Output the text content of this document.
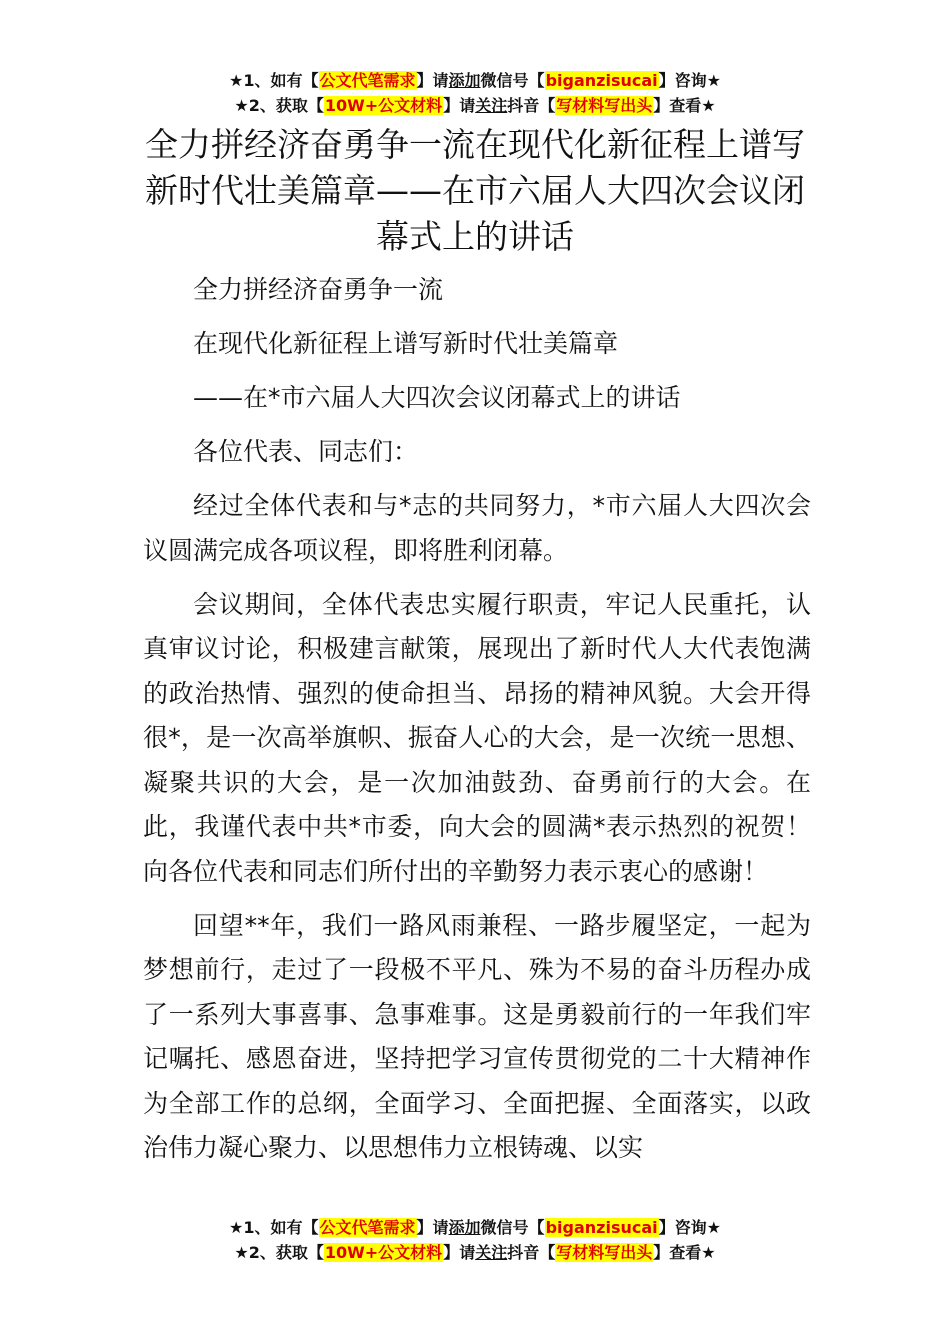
★1、如有【公文代笔需求】请添加微信号【biganzisucai】咨询★
★2、获取【10W+公文材料】请关注抖音【写材料写出头】查看★
全力拼经济奋勇争一流在现代化新征程上谱写新时代壮美篇章——在市六届人大四次会议闭幕式上的讲话

全力拼经济奋勇争一流

在现代化新征程上谱写新时代壮美篇章

——在*市六届人大四次会议闭幕式上的讲话

各位代表、同志们：

经过全体代表和与*志的共同努力，*市六届人大四次会议圆满完成各项议程，即将胜利闭幕。

会议期间，全体代表忠实履行职责，牢记人民重托，认真审议讨论，积极建言献策，展现出了新时代人大代表饱满的政治热情、强烈的使命担当、昂扬的精神风貌。大会开得很*，是一次高举旗帜、振奋人心的大会，是一次统一思想、凝聚共识的大会，是一次加油鼓劲、奋勇前行的大会。在此，我谨代表中共*市委，向大会的圆满*表示热烈的祝贺！向各位代表和同志们所付出的辛勤努力表示衷心的感谢！

回望**年，我们一路风雨兼程、一路步履坚定，一起为梦想前行，走过了一段极不平凡、殊为不易的奋斗历程办成了一系列大事喜事、急事难事。这是勇毅前行的一年我们牢记嘱托、感恩奋进，坚持把学习宣传贯彻党的二十大精神作为全部工作的总纲，全面学习、全面把握、全面落实，以政治伟力凝心聚力、以思想伟力立根铸魂、以实

★1、如有【公文代笔需求】请添加微信号【biganzisucai】咨询★
★2、获取【10W+公文材料】请关注抖音【写材料写出头】查看★
